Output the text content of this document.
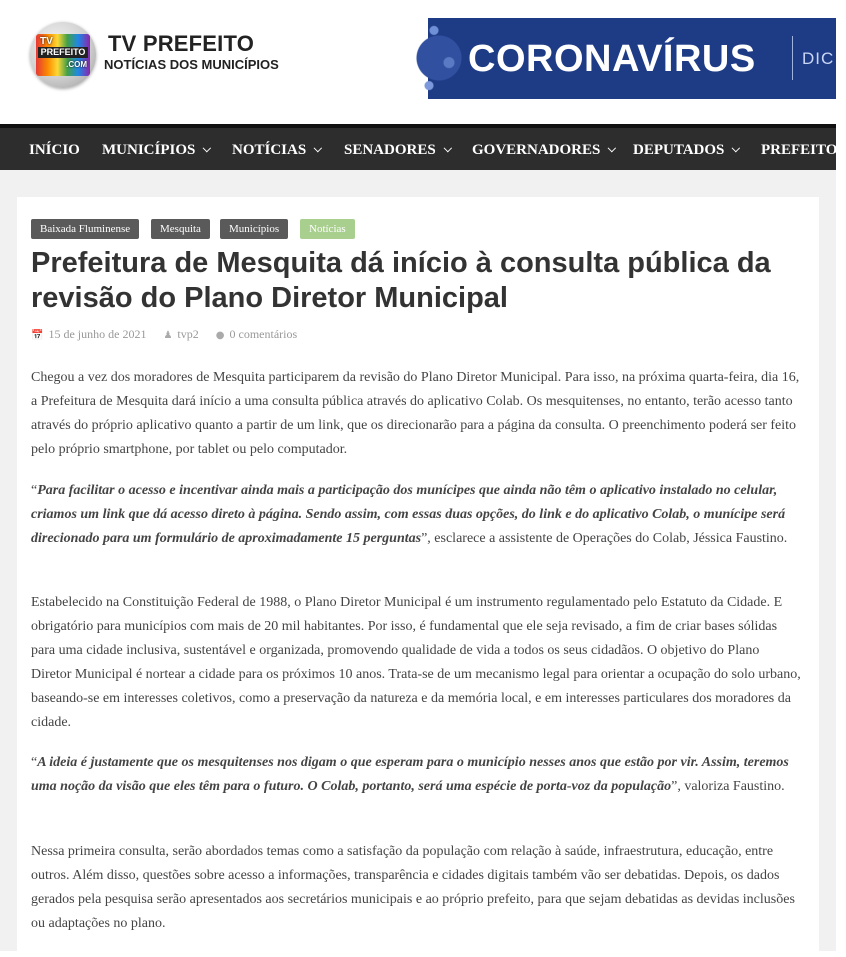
TV
PREFEITO
.COM
TV PREFEITO
NOTÍCIAS DOS MUNICÍPIOS	CORONAVÍRUS	DIC
INÍCIO MUNICÍPIOS	NOTÍCIAS	SENADORES	GOVERNADORES	DEPUTADOS	PREFEITOS
Baixada Fluminense	Mesquita	Municípios	Notícias
Prefeitura de Mesquita dá início à consulta pública da revisão do Plano Diretor Municipal
📅 15 de junho de 2021 ♟ tvp2 ● 0 comentários

Chegou a vez dos moradores de Mesquita participarem da revisão do Plano Diretor Municipal. Para isso, na próxima quarta-feira, dia 16, a Prefeitura de Mesquita dará início a uma consulta pública através do aplicativo Colab. Os mesquitenses, no entanto, terão acesso tanto através do próprio aplicativo quanto a partir de um link, que os direcionarão para a página da consulta. O preenchimento poderá ser feito pelo próprio smartphone, por tablet ou pelo computador.

“Para facilitar o acesso e incentivar ainda mais a participação dos munícipes que ainda não têm o aplicativo instalado no celular, criamos um link que dá acesso direto à página. Sendo assim, com essas duas opções, do link e do aplicativo Colab, o munícipe será direcionado para um formulário de aproximadamente 15 perguntas”, esclarece a assistente de Operações do Colab, Jéssica Faustino.

Estabelecido na Constituição Federal de 1988, o Plano Diretor Municipal é um instrumento regulamentado pelo Estatuto da Cidade. E obrigatório para municípios com mais de 20 mil habitantes. Por isso, é fundamental que ele seja revisado, a fim de criar bases sólidas para uma cidade inclusiva, sustentável e organizada, promovendo qualidade de vida a todos os seus cidadãos. O objetivo do Plano Diretor Municipal é nortear a cidade para os próximos 10 anos. Trata-se de um mecanismo legal para orientar a ocupação do solo urbano, baseando-se em interesses coletivos, como a preservação da natureza e da memória local, e em interesses particulares dos moradores da cidade.

“A ideia é justamente que os mesquitenses nos digam o que esperam para o município nesses anos que estão por vir. Assim, teremos uma noção da visão que eles têm para o futuro. O Colab, portanto, será uma espécie de porta-voz da população”, valoriza Faustino.

Nessa primeira consulta, serão abordados temas como a satisfação da população com relação à saúde, infraestrutura, educação, entre outros. Além disso, questões sobre acesso a informações, transparência e cidades digitais também vão ser debatidas. Depois, os dados gerados pela pesquisa serão apresentados aos secretários municipais e ao próprio prefeito, para que sejam debatidas as devidas inclusões ou adaptações no plano.
